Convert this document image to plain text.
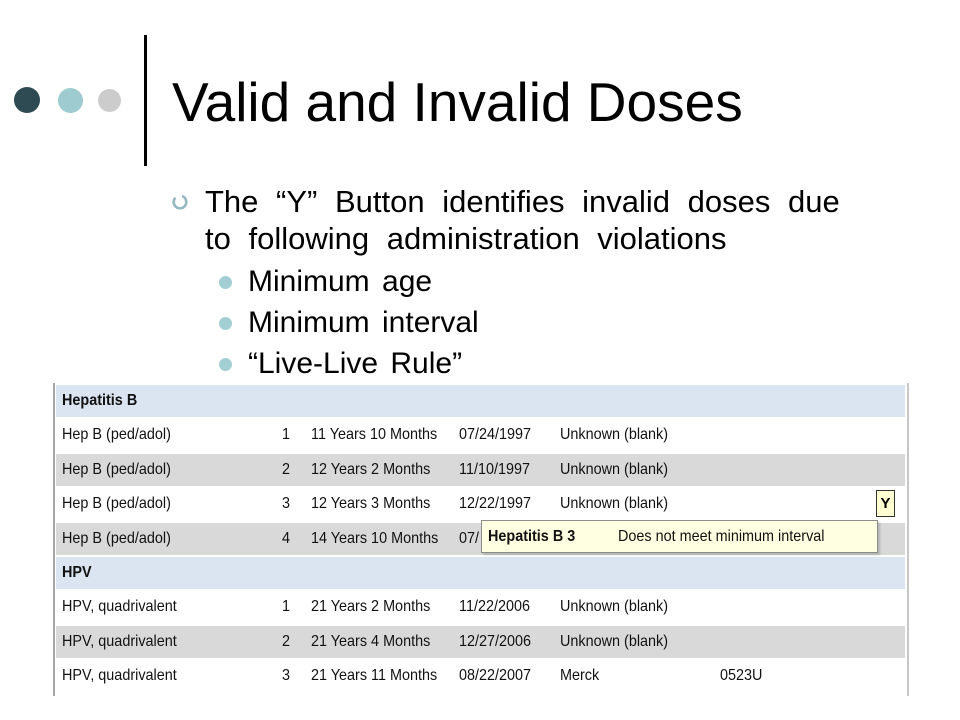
Valid and Invalid Doses
The “Y” Button identifies invalid doses due
to following administration violations
Minimum age
Minimum interval
“Live-Live Rule”
Hepatitis B
Hep B (ped/adol)	1 11 Years 10 Months 07/24/1997 Unknown (blank)
Hep B (ped/adol)	2 12 Years 2 Months 11/10/1997 Unknown (blank)
Hep B (ped/adol)	3 12 Years 3 Months 12/22/1997 Unknown (blank)	Y
Hep B (ped/adol)	4 14 Years 10 Months 07/
HPV
HPV, quadrivalent	1 21 Years 2 Months 11/22/2006 Unknown (blank)
HPV, quadrivalent	2 21 Years 4 Months 12/27/2006 Unknown (blank)
HPV, quadrivalent	3 21 Years 11 Months 08/22/2007 Merck	0523U
Hepatitis B 3	Does not meet minimum interval
